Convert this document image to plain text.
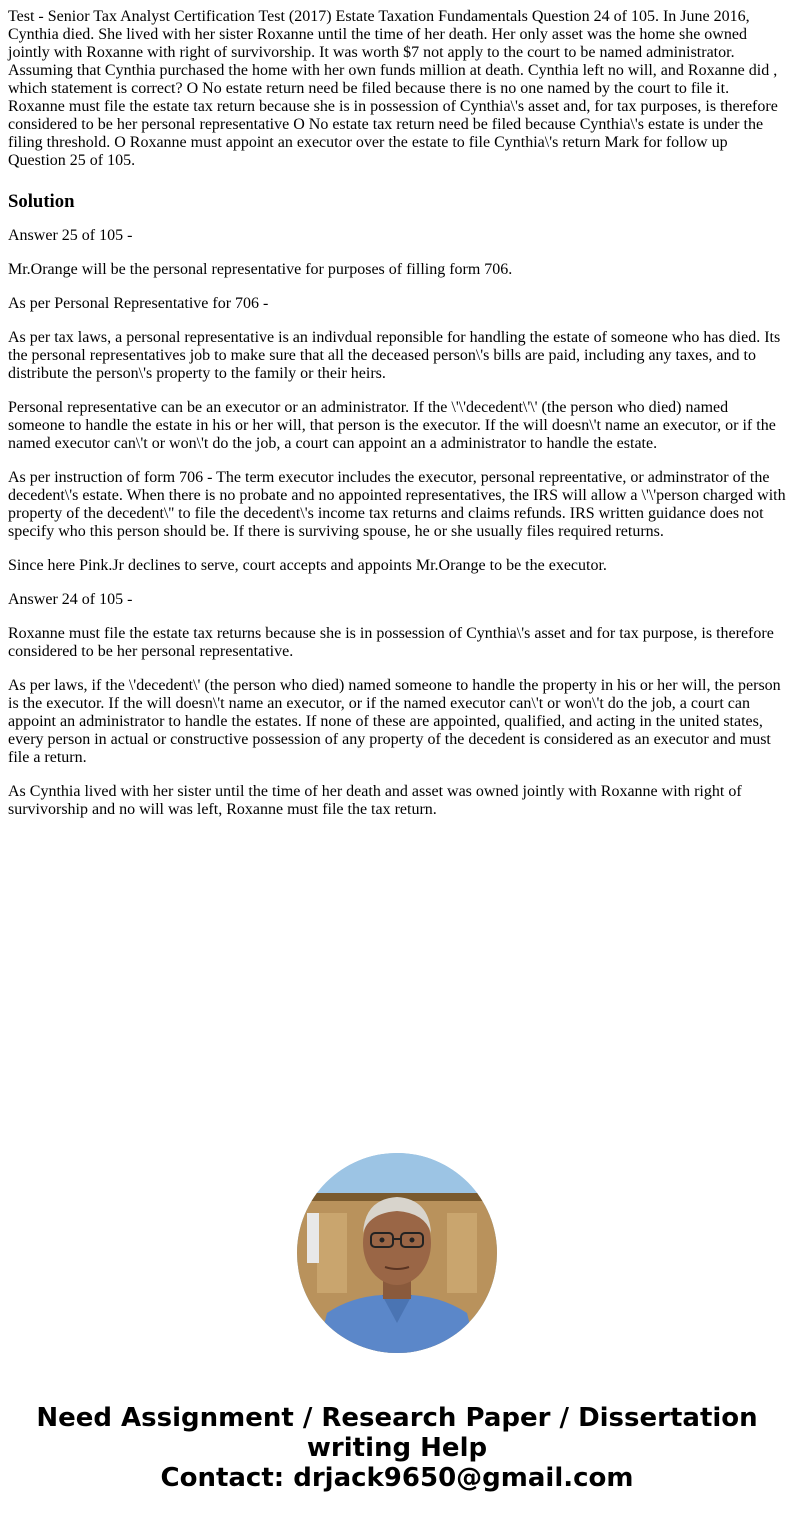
Test - Senior Tax Analyst Certification Test (2017) Estate Taxation Fundamentals Question 24 of 105. In June 2016, Cynthia died. She lived with her sister Roxanne until the time of her death. Her only asset was the home she owned jointly with Roxanne with right of survivorship. It was worth $7 not apply to the court to be named administrator. Assuming that Cynthia purchased the home with her own funds million at death. Cynthia left no will, and Roxanne did , which statement is correct? O No estate return need be filed because there is no one named by the court to file it. Roxanne must file the estate tax return because she is in possession of Cynthia\'s asset and, for tax purposes, is therefore considered to be her personal representative O No estate tax return need be filed because Cynthia\'s estate is under the filing threshold. O Roxanne must appoint an executor over the estate to file Cynthia\'s return Mark for follow up Question 25 of 105.
Solution

Answer 25 of 105 -

Mr.Orange will be the personal representative for purposes of filling form 706.

As per Personal Representative for 706 -

As per tax laws, a personal representative is an indivdual reponsible for handling the estate of someone who has died. Its the personal representatives job to make sure that all the deceased person\'s bills are paid, including any taxes, and to distribute the person\'s property to the family or their heirs.

Personal representative can be an executor or an administrator. If the \'\'decedent\'\' (the person who died) named someone to handle the estate in his or her will, that person is the executor. If the will doesn\'t name an executor, or if the named executor can\'t or won\'t do the job, a court can appoint an a administrator to handle the estate.

As per instruction of form 706 - The term executor includes the executor, personal repreentative, or adminstrator of the decedent\'s estate. When there is no probate and no appointed representatives, the IRS will allow a \'\'person charged with property of the decedent\'' to file the decedent\'s income tax returns and claims refunds. IRS written guidance does not specify who this person should be. If there is surviving spouse, he or she usually files required returns.

Since here Pink.Jr declines to serve, court accepts and appoints Mr.Orange to be the executor.

Answer 24 of 105 -

Roxanne must file the estate tax returns because she is in possession of Cynthia\'s asset and for tax purpose, is therefore considered to be her personal representative.

As per laws, if the \'decedent\' (the person who died) named someone to handle the property in his or her will, the person is the executor. If the will doesn\'t name an executor, or if the named executor can\'t or won\'t do the job, a court can appoint an administrator to handle the estates. If none of these are appointed, qualified, and acting in the united states, every person in actual or constructive possession of any property of the decedent is considered as an executor and must file a return.

As Cynthia lived with her sister until the time of her death and asset was owned jointly with Roxanne with right of survivorship and no will was left, Roxanne must file the tax return.

Need Assignment / Research Paper / Dissertation
writing Help
Contact: drjack9650@gmail.com
